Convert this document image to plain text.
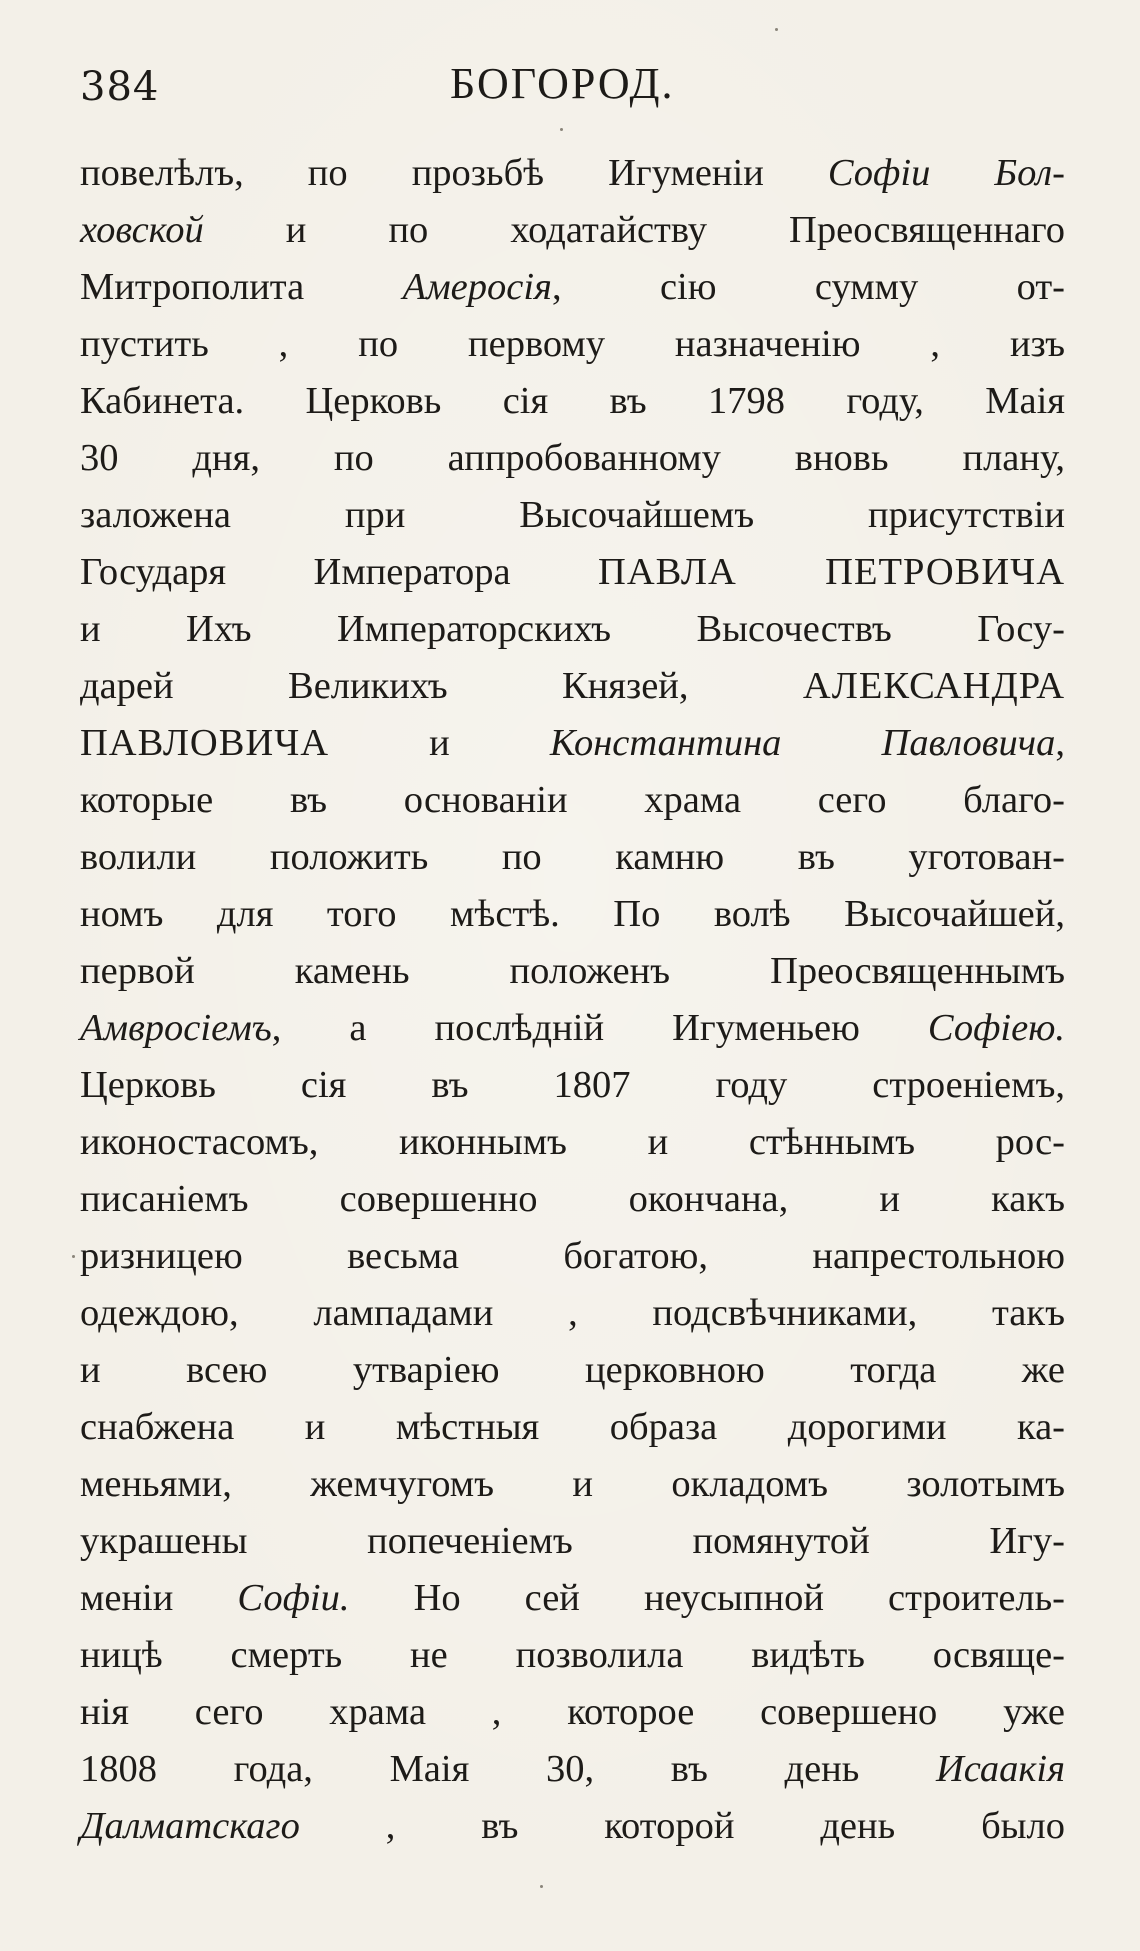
384	БОГОРОД.
повелѣлъ, по прозьбѣ Игуменіи Софіи Бол-
ховской и по ходатайству Преосвященнаго
Митрополита Амеросія, сію сумму от-
пустить , по первому назначенію , изъ
Кабинета. Церковь сія въ 1798 году, Маія
30 дня, по аппробованному вновь плану,
заложена при Высочайшемъ присутствіи
Государя Императора ПАВЛА ПЕТРОВИЧА
и Ихъ Императорскихъ Высочествъ Госу-
дарей Великихъ Князей, АЛЕКСАНДРА
ПАВЛОВИЧА и Константина Павловича,
которые въ основаніи храма сего благо-
волили положить по камню въ уготован-
номъ для того мѣстѣ. По волѣ Высочайшей,
первой камень положенъ Преосвященнымъ
Амвросіемъ, а послѣдній Игуменьею Софіею.
Церковь сія въ 1807 году строеніемъ,
иконостасомъ, иконнымъ и стѣннымъ рос-
писаніемъ совершенно окончана, и какъ
ризницею весьма богатою, напрестольною
одеждою, лампадами , подсвѣчниками, такъ
и всею утваріею церковною тогда же
снабжена и мѣстныя образа дорогими ка-
меньями, жемчугомъ и окладомъ золотымъ
украшены попеченіемъ помянутой Игу-
меніи Софіи. Но сей неусыпной строитель-
ницѣ смерть не позволила видѣть освяще-
нія сего храма , которое совершено уже
1808 года, Маія 30, въ день Исаакія
Далматскаго , въ которой день было
